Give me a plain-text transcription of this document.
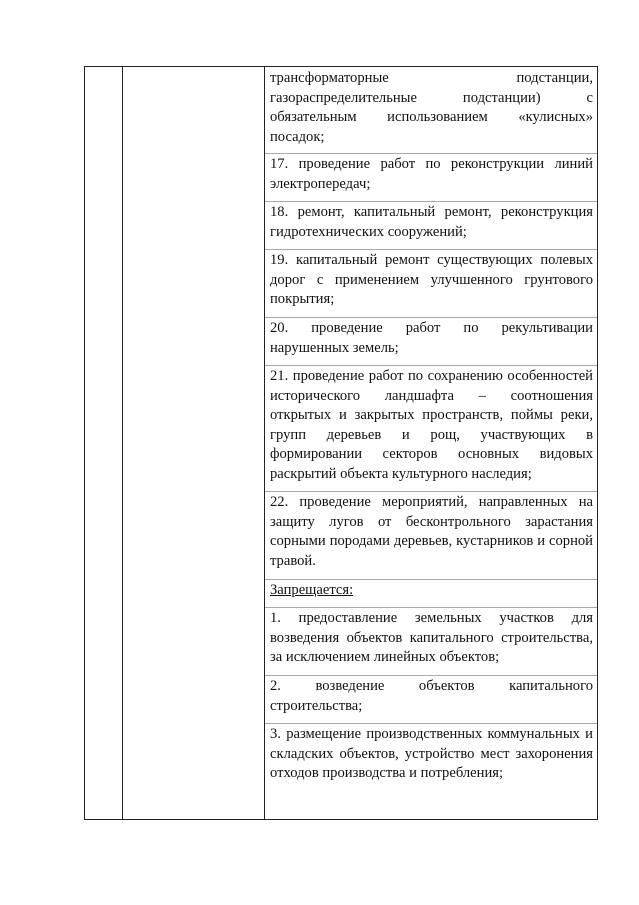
трансформаторные подстанции, газораспределительные подстанции) с обязательным использованием «кулисных» посадок;
17. проведение работ по реконструкции линий электропередач;
18. ремонт, капитальный ремонт, реконструкция гидротехнических сооружений;
19. капитальный ремонт существующих полевых дорог с применением улучшенного грунтового покрытия;
20. проведение работ по рекультивации нарушенных земель;
21. проведение работ по сохранению особенностей исторического ландшафта – соотношения открытых и закрытых пространств, поймы реки, групп деревьев и рощ, участвующих в формировании секторов основных видовых раскрытий объекта культурного наследия;
22. проведение мероприятий, направленных на защиту лугов от бесконтрольного зарастания сорными породами деревьев, кустарников и сорной травой.
Запрещается:
1. предоставление земельных участков для возведения объектов капитального строительства, за исключением линейных объектов;
2. возведение объектов капитального строительства;
3. размещение производственных коммунальных и складских объектов, устройство мест захоронения отходов производства и потребления;
